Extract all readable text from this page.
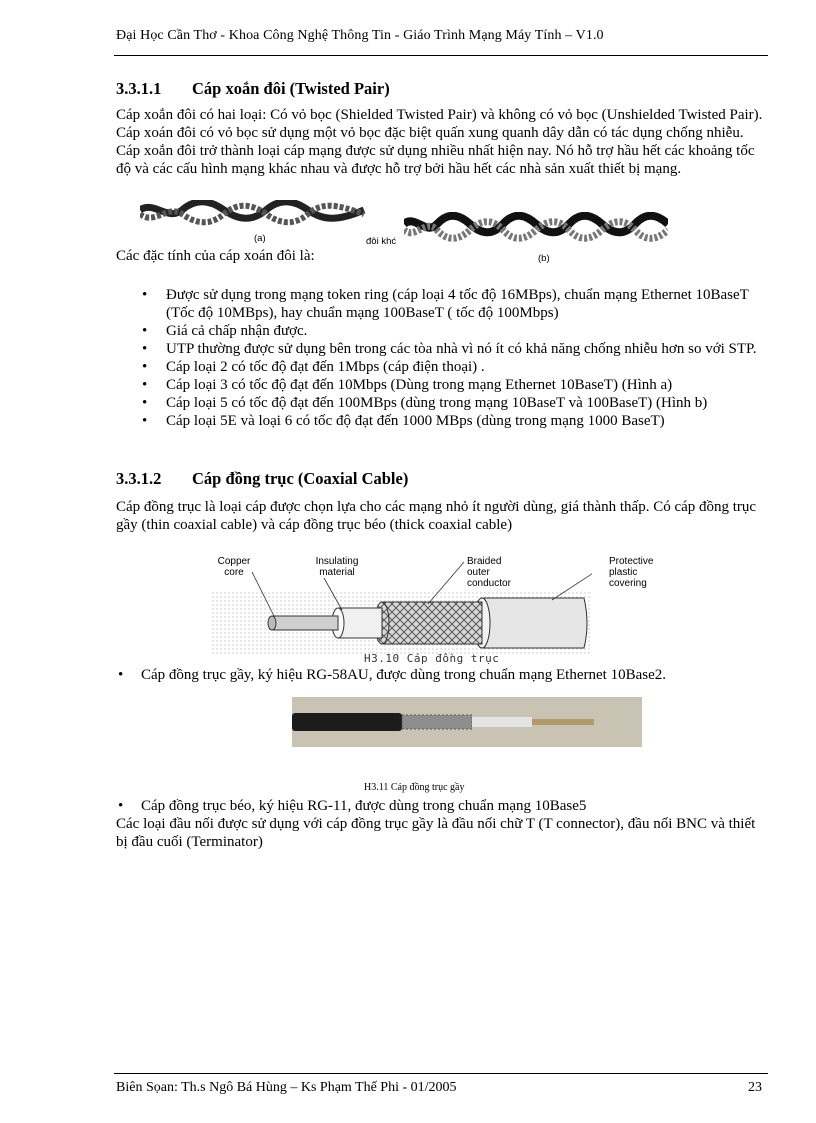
Đại Học Cần Thơ - Khoa Công Nghệ Thông Tin - Giáo Trình Mạng Máy Tính – V1.0
3.3.1.1 Cáp xoắn đôi (Twisted Pair)
Cáp xoắn đôi có hai loại: Có vỏ bọc (Shielded Twisted Pair) và không có vỏ bọc (Unshielded Twisted Pair). Cáp xoán đôi có vỏ bọc sử dụng một vỏ bọc đặc biệt quấn xung quanh dây dẫn có tác dụng chống nhiễu. Cáp xoắn đôi trở thành loại cáp mạng được sử dụng nhiều nhất hiện nay. Nó hỗ trợ hầu hết các khoảng tốc độ và các cấu hình mạng khác nhau và được hỗ trợ bởi hầu hết các nhà sản xuất thiết bị mạng.
(a)	đôi khć
(b)
Các đặc tính của cáp xoán đôi là:
• Được sử dụng trong mạng token ring (cáp loại 4 tốc độ 16MBps), chuẩn mạng Ethernet 10BaseT (Tốc độ 10MBps), hay chuẩn mạng 100BaseT ( tốc độ 100Mbps)
• Giá cả chấp nhận được.
• UTP thường được sử dụng bên trong các tòa nhà vì nó ít có khả năng chống nhiễu hơn so với STP.
• Cáp loại 2 có tốc độ đạt đến 1Mbps (cáp điện thoại) .
• Cáp loại 3 có tốc độ đạt đến 10Mbps (Dùng trong mạng Ethernet 10BaseT) (Hình a)
• Cáp loại 5 có tốc độ đạt đến 100MBps (dùng trong mạng 10BaseT và 100BaseT) (Hình b)
• Cáp loại 5E và loại 6 có tốc độ đạt đến 1000 MBps (dùng trong mạng 1000 BaseT)
3.3.1.2 Cáp đồng trục (Coaxial Cable)
Cáp đồng trục là loại cáp được chọn lựa cho các mạng nhỏ ít người dùng, giá thành thấp. Có cáp đồng trục gầy (thin coaxial cable) và cáp đồng trục béo (thick coaxial cable)
Copper core
Insulating material
Braided outer conductor
Protective plastic covering
H3.10 Cáp đồng trục
• Cáp đồng trục gầy, ký hiệu RG-58AU, được dùng trong chuẩn mạng Ethernet 10Base2.
H3.11 Cáp đồng trục gầy
• Cáp đồng trục béo, ký hiệu RG-11, được dùng trong chuẩn mạng 10Base5
Các loại đầu nối được sử dụng với cáp đồng trục gầy là đầu nối chữ T (T connector), đầu nối BNC và thiết bị đầu cuối (Terminator)
Biên Sọan: Th.s Ngô Bá Hùng – Ks Phạm Thế Phi - 01/2005	23
